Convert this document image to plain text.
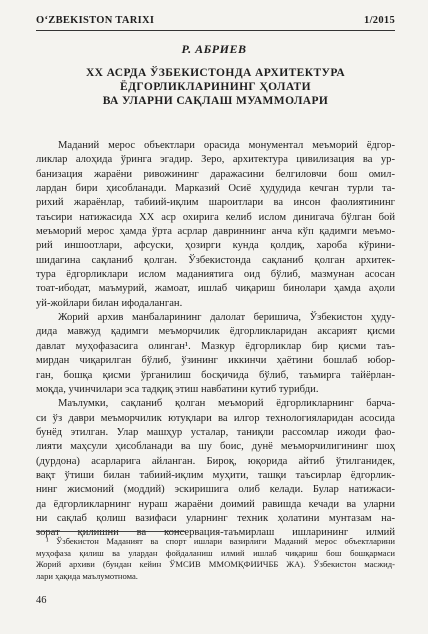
O‘ZBEKISTON TARIXI	1/2015
Р. АБРИЕВ
XX АСРДА ЎЗБЕКИСТОНДА АРХИТЕКТУРА
ЁДГОРЛИКЛАРИНИНГ ҲОЛАТИ
ВА УЛАРНИ САҚЛАШ МУАММОЛАРИ

Маданий мерос объектлари орасида монументал меъморий ёдгор-
ликлар алоҳида ўринга эгадир. Зеро, архитектура цивилизация ва ур-
банизация жараёни ривожининг даражасини белгиловчи бош омил-
лардан бири ҳисобланади. Марказий Осиё ҳудудида кечган турли та-
рихий жараёнлар, табиий-иқлим шароитлари ва инсон фаолиятининг
таъсири натижасида XX аср охирига келиб ислом динигача бўлган бой
меъморий мерос ҳамда ўрта асрлар давриннинг анча кўп қадимги меъмо-
рий иншоотлари, афсуски, ҳозирги кунда қолдиқ, хароба кўрини-
шидагина сақланиб қолган. Ўзбекистонда сақланиб қолган архитек-
тура ёдгорликлари ислом маданиятига оид бўлиб, мазмунан асосан
тоат-ибодат, маъмурий, жамоат, ишлаб чиқариш бинолари ҳамда аҳоли
уй-жойлари билан ифодаланган.

Жорий архив манбаларининг далолат беришича, Ўзбекистон ҳуду-
дида мавжуд қадимги меъморчилик ёдгорликларидан аксарият қисми
давлат муҳофазасига олинган¹. Мазкур ёдгорликлар бир қисми таъ-
мирдан чиқарилган бўлиб, ўзининг иккинчи ҳаётини бошлаб юбор-
ган, бошқа қисми ўрганилиш босқичида бўлиб, таъмирга тайёрлан-
моқда, учинчилари эса тадқиқ этиш навбатини кутиб турибди.

Маълумки, сақланиб қолган меъморий ёдгорликларнинг барча-
си ўз даври меъморчилик ютуқлари ва илгор технологияларидан асосида
бунёд этилган. Улар машҳур усталар, таниқли рассомлар ижоди фао-
лияти маҳсули ҳисобланади ва шу боис, дунё меъморчилигининг шоҳ
(дурдона) асарларига айланган. Бироқ, юқорида айтиб ўтилганидек,
вақт ўтиши билан табиий-иқлим муҳити, ташқи таъсирлар ёдгорлик-
нинг жисмоний (моддий) эскиришига олиб келади. Булар натижаси-
да ёдгорликларнинг нураш жараёни доимий равишда кечади ва уларни
ни сақлаб қолиш вазифаси уларнинг техник ҳолатини мунтазам на-
зорат қилишни ва консервация-таъмирлаш ишларининг илмий

¹ Ўзбекистон Маданият ва спорт ишлари вазирлиги Маданий мерос объектларини
муҳофаза қилиш ва улардан фойдаланиш илмий ишлаб чиқариш бош бошқармаси
Жорий архиви (бундан кейин ЎМСИВ ММОМҚФИИЧББ ЖА). Ўзбекистон масжид-
лари ҳақида маълумотнома.
46
